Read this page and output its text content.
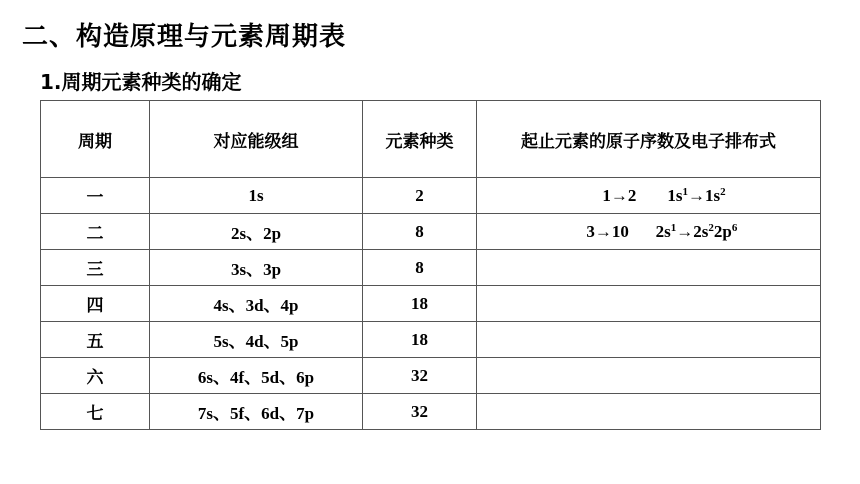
二、构造原理与元素周期表
1.周期元素种类的确定
周期	对应能级组	元素种类	起止元素的原子序数及电子排布式
一	1s	2	1→2 $1s^1\to 1s^2$
二	2s、2p	8	3→10 $2s^1\to 2s^22p^6$
三	3s、3p	8	
四	4s、3d、4p	18	
五	5s、4d、5p	18	
六	6s、4f、5d、6p	32	
七	7s、5f、6d、7p	32	
